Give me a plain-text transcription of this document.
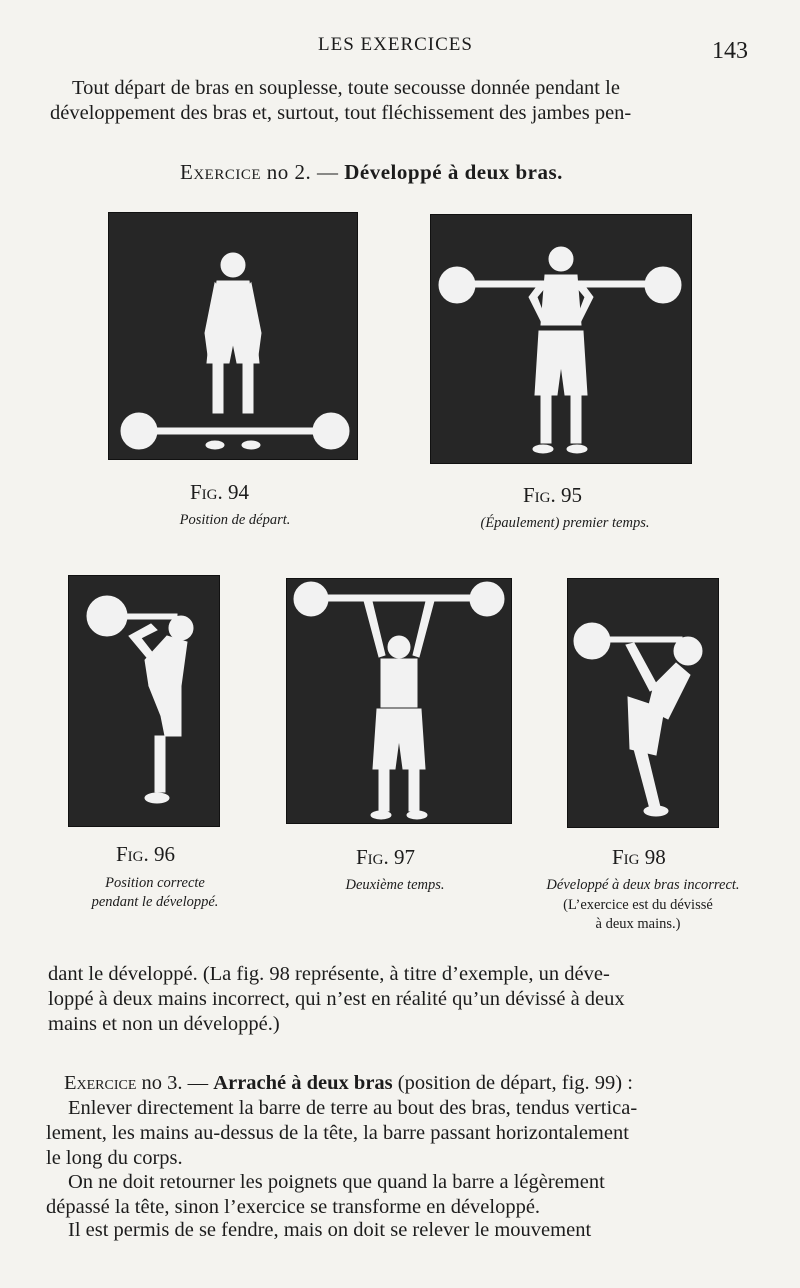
LES EXERCICES	143

Tout départ de bras en souplesse, toute secousse donnée pendant le
développement des bras et, surtout, tout fléchissement des jambes pen-

Exercice no 2. — Développé à deux bras.
Fig. 94
Position de départ.
Fig. 95
(Épaulement) premier temps.
Fig. 96
Position correcte
pendant le développé.
Fig. 97
Deuxième temps.
Fig 98
Développé à deux bras incorrect.
(L’exercice est du dévissé
à deux mains.)

dant le développé. (La fig. 98 représente, à titre d’exemple, un déve-
loppé à deux mains incorrect, qui n’est en réalité qu’un dévissé à deux
mains et non un développé.)

Exercice no 3. — Arraché à deux bras (position de départ, fig. 99) :

Enlever directement la barre de terre au bout des bras, tendus vertica-
lement, les mains au-dessus de la tête, la barre passant horizontalement
le long du corps.

On ne doit retourner les poignets que quand la barre a légèrement
dépassé la tête, sinon l’exercice se transforme en développé.

Il est permis de se fendre, mais on doit se relever le mouvement
